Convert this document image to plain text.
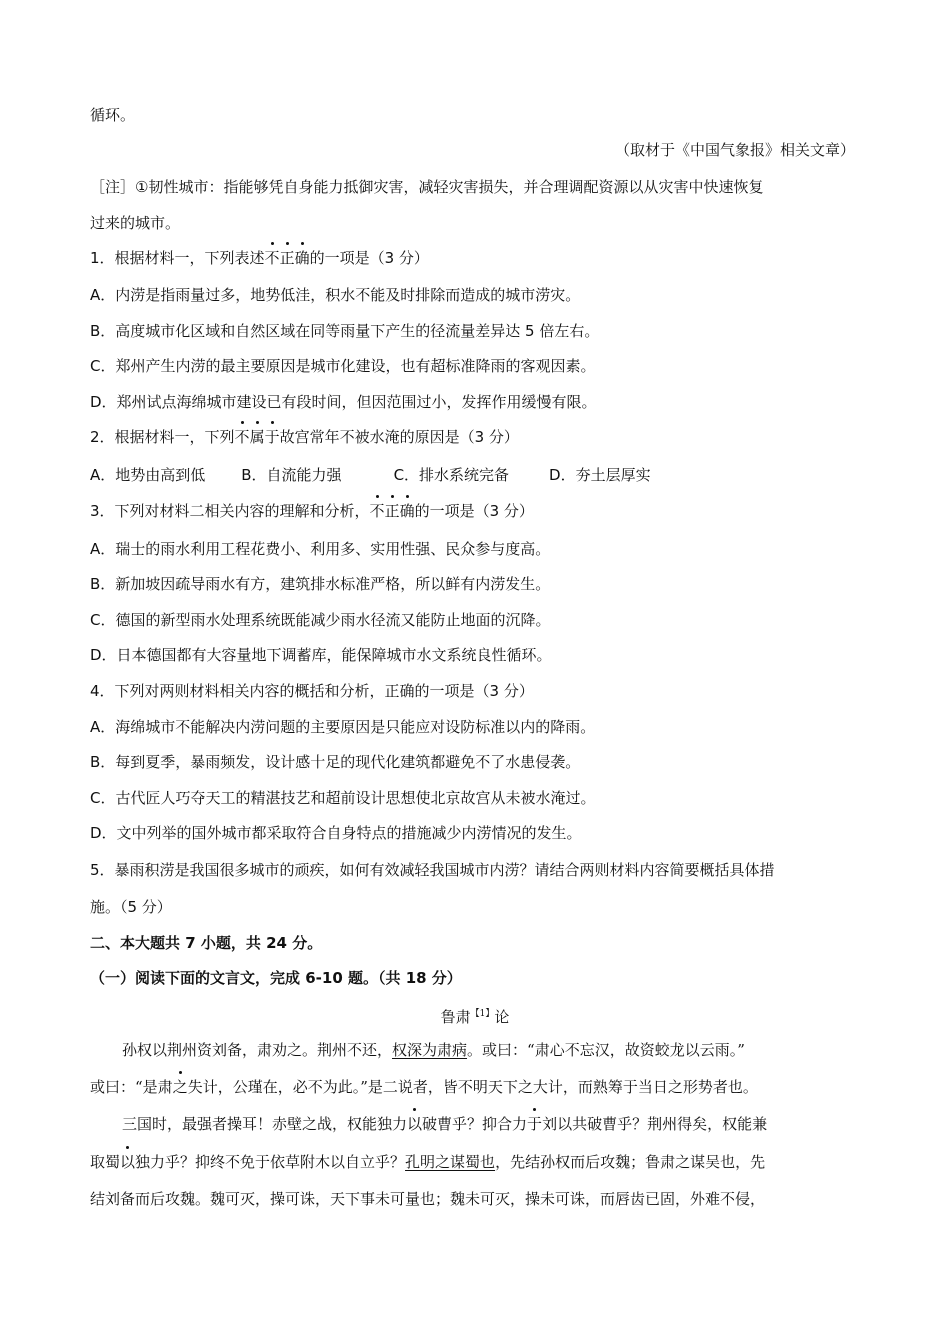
循环。
（取材于《中国气象报》相关文章）
［注］①韧性城市：指能够凭自身能力抵御灾害，减轻灾害损失，并合理调配资源以从灾害中快速恢复
过来的城市。
1．根据材料一，下列表述不正确的一项是（3 分）
A．内涝是指雨量过多，地势低洼，积水不能及时排除而造成的城市涝灾。
B．高度城市化区域和自然区域在同等雨量下产生的径流量差异达 5 倍左右。
C．郑州产生内涝的最主要原因是城市化建设，也有超标准降雨的客观因素。
D．郑州试点海绵城市建设已有段时间，但因范围过小，发挥作用缓慢有限。
2．根据材料一，下列不属于故宫常年不被水淹的原因是（3 分）
A．地势由高到低 B．自流能力强	C．排水系统完备	D．夯土层厚实
3．下列对材料二相关内容的理解和分析，不正确的一项是（3 分）
A．瑞士的雨水利用工程花费小、利用多、实用性强、民众参与度高。
B．新加坡因疏导雨水有方，建筑排水标准严格，所以鲜有内涝发生。
C．德国的新型雨水处理系统既能减少雨水径流又能防止地面的沉降。
D．日本德国都有大容量地下调蓄库，能保障城市水文系统良性循环。
4．下列对两则材料相关内容的概括和分析，正确的一项是（3 分）
A．海绵城市不能解决内涝问题的主要原因是只能应对设防标准以内的降雨。
B．每到夏季，暴雨频发，设计感十足的现代化建筑都避免不了水患侵袭。
C．古代匠人巧夺天工的精湛技艺和超前设计思想使北京故宫从未被水淹过。
D．文中列举的国外城市都采取符合自身特点的措施减少内涝情况的发生。
5．暴雨积涝是我国很多城市的顽疾，如何有效减轻我国城市内涝？请结合两则材料内容简要概括具体措
施。（5 分）
二、本大题共 7 小题，共 24 分。
（一）阅读下面的文言文，完成 6-10 题。（共 18 分）
鲁肃$^{【1】}$论
孙权以荆州资刘备，肃劝之。荆州不还，权深为肃病。或曰：“肃心不忘汉，故资蛟龙以云雨。”
或曰：“是肃之失计，公瑾在，必不为此。”是二说者，皆不明天下之大计，而熟筹于当日之形势者也。
三国时，最强者操耳！赤壁之战，权能独力以破曹乎？抑合力于刘以共破曹乎？荆州得矣，权能兼
取蜀以独力乎？抑终不免于依草附木以自立乎？孔明之谋蜀也，先结孙权而后攻魏；鲁肃之谋吴也，先
结刘备而后攻魏。魏可灭，操可诛，天下事未可量也；魏未可灭，操未可诛，而唇齿已固，外难不侵，
